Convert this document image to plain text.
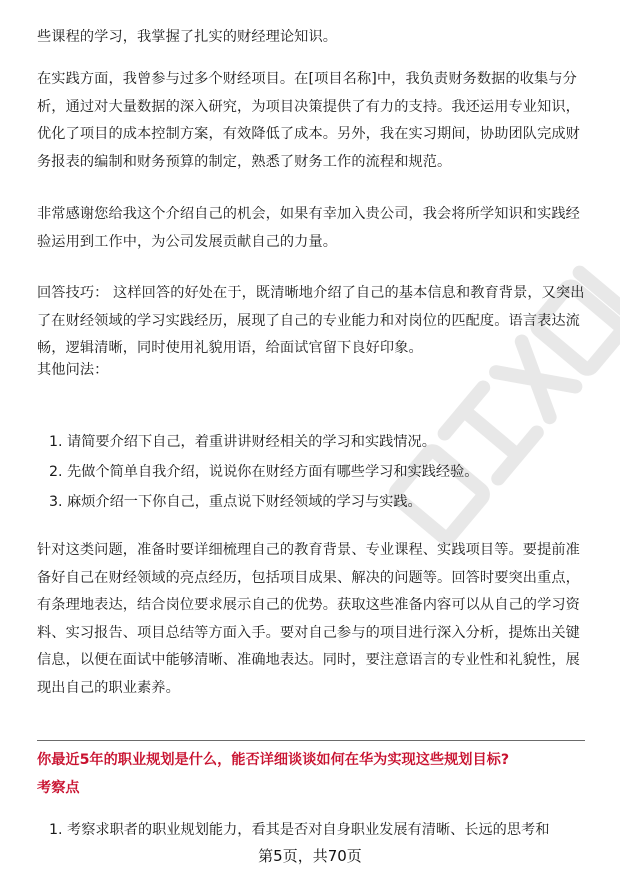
些课程的学习，我掌握了扎实的财经理论知识。

在实践方面，我曾参与过多个财经项目。在[项目名称]中，我负责财务数据的收集与分析，通过对大量数据的深入研究，为项目决策提供了有力的支持。我还运用专业知识，优化了项目的成本控制方案，有效降低了成本。另外，我在实习期间，协助团队完成财务报表的编制和财务预算的制定，熟悉了财务工作的流程和规范。

非常感谢您给我这个介绍自己的机会，如果有幸加入贵公司，我会将所学知识和实践经验运用到工作中，为公司发展贡献自己的力量。

回答技巧： 这样回答的好处在于，既清晰地介绍了自己的基本信息和教育背景，又突出了在财经领域的学习实践经历，展现了自己的专业能力和对岗位的匹配度。语言表达流畅，逻辑清晰，同时使用礼貌用语，给面试官留下良好印象。

其他问法：

1. 请简要介绍下自己，着重讲讲财经相关的学习和实践情况。
2. 先做个简单自我介绍，说说你在财经方面有哪些学习和实践经验。
3. 麻烦介绍一下你自己，重点说下财经领域的学习与实践。

针对这类问题，准备时要详细梳理自己的教育背景、专业课程、实践项目等。要提前准备好自己在财经领域的亮点经历，包括项目成果、解决的问题等。回答时要突出重点，有条理地表达，结合岗位要求展示自己的优势。获取这些准备内容可以从自己的学习资料、实习报告、项目总结等方面入手。要对自己参与的项目进行深入分析，提炼出关键信息，以便在面试中能够清晰、准确地表达。同时，要注意语言的专业性和礼貌性，展现出自己的职业素养。

你最近5年的职业规划是什么，能否详细谈谈如何在华为实现这些规划目标?
考察点
1. 考察求职者的职业规划能力，看其是否对自身职业发展有清晰、长远的思考和
第5页，共70页
